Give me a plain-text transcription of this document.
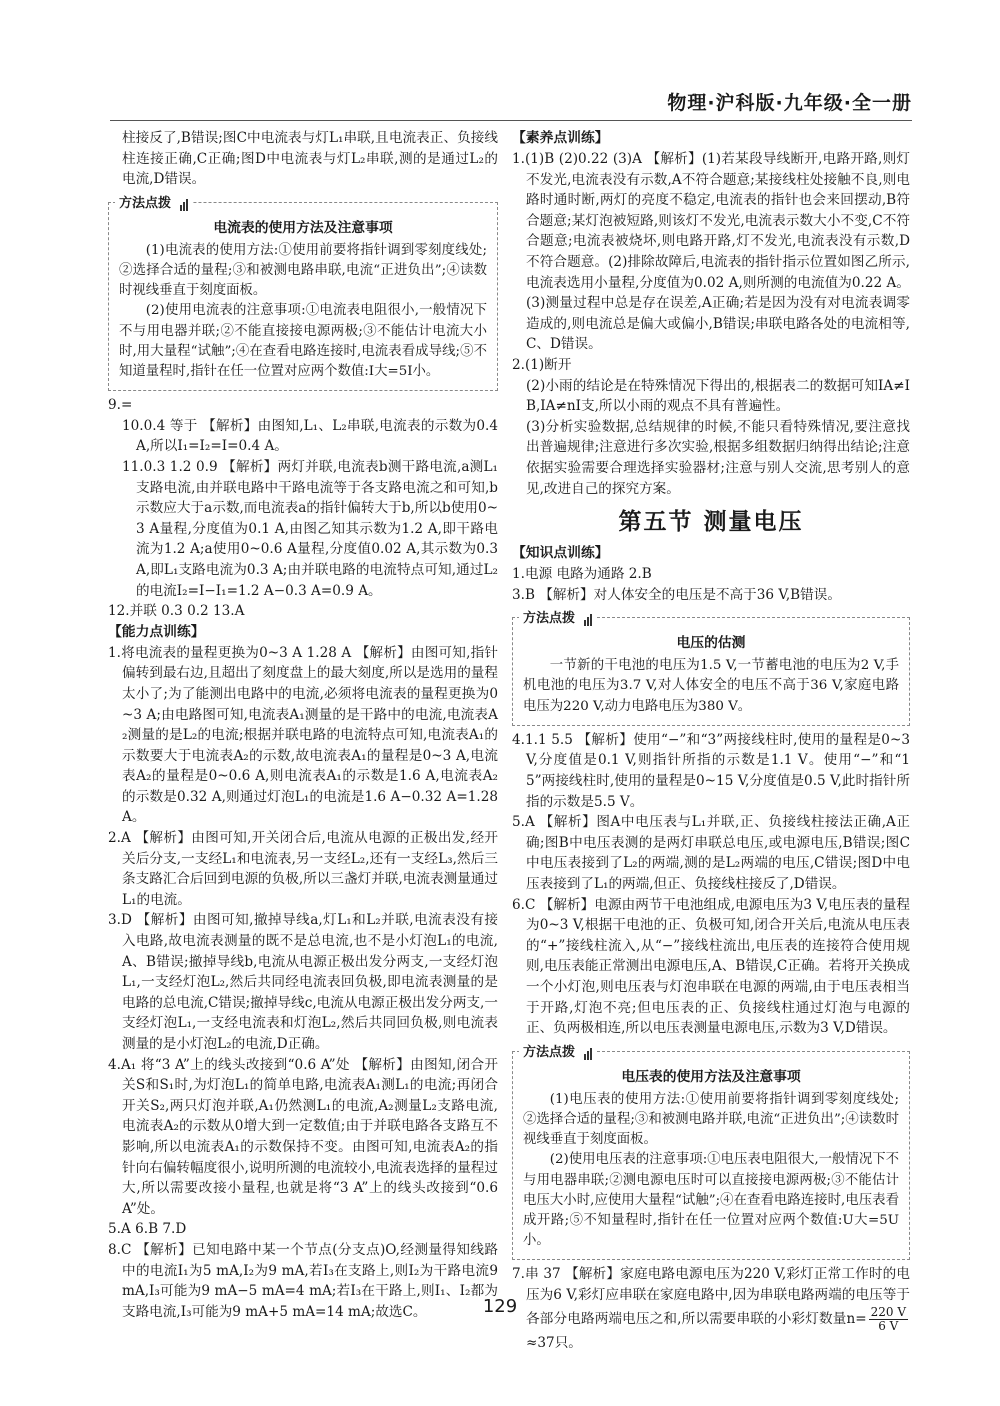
物理·沪科版·九年级·全一册

柱接反了,B错误;图C中电流表与灯L₁串联,且电流表正、负接线柱连接正确,C正确;图D中电流表与灯L₂串联,测的是通过L₂的电流,D错误。

方法点拨
电流表的使用方法及注意事项

(1)电流表的使用方法:①使用前要将指针调到零刻度线处;②选择合适的量程;③和被测电路串联,电流“正进负出”;④读数时视线垂直于刻度面板。

(2)使用电流表的注意事项:①电流表电阻很小,一般情况下不与用电器并联;②不能直接接电源两极;③不能估计电流大小时,用大量程“试触”;④在查看电路连接时,电流表看成导线;⑤不知道量程时,指针在任一位置对应两个数值:I大=5I小。

9.=

10.0.4 等于 【解析】由图知,L₁、L₂串联,电流表的示数为0.4 A,所以I₁=I₂=I=0.4 A。

11.0.3 1.2 0.9 【解析】两灯并联,电流表b测干路电流,a测L₁支路电流,由并联电路中干路电流等于各支路电流之和可知,b示数应大于a示数,而电流表a的指针偏转大于b,所以b使用0~3 A量程,分度值为0.1 A,由图乙知其示数为1.2 A,即干路电流为1.2 A;a使用0~0.6 A量程,分度值0.02 A,其示数为0.3 A,即L₁支路电流为0.3 A;由并联电路的电流特点可知,通过L₂的电流I₂=I−I₁=1.2 A−0.3 A=0.9 A。

12.并联 0.3 0.2 13.A

【能力点训练】

1.将电流表的量程更换为0~3 A 1.28 A 【解析】由图可知,指针偏转到最右边,且超出了刻度盘上的最大刻度,所以是选用的量程太小了;为了能测出电路中的电流,必须将电流表的量程更换为0~3 A;由电路图可知,电流表A₁测量的是干路中的电流,电流表A₂测量的是L₂的电流;根据并联电路的电流特点可知,电流表A₁的示数要大于电流表A₂的示数,故电流表A₁的量程是0~3 A,电流表A₂的量程是0~0.6 A,则电流表A₁的示数是1.6 A,电流表A₂的示数是0.32 A,则通过灯泡L₁的电流是1.6 A−0.32 A=1.28 A。

2.A 【解析】由图可知,开关闭合后,电流从电源的正极出发,经开关后分支,一支经L₁和电流表,另一支经L₂,还有一支经L₃,然后三条支路汇合后回到电源的负极,所以三盏灯并联,电流表测量通过L₁的电流。

3.D 【解析】由图可知,撤掉导线a,灯L₁和L₂并联,电流表没有接入电路,故电流表测量的既不是总电流,也不是小灯泡L₁的电流,A、B错误;撤掉导线b,电流从电源正极出发分两支,一支经灯泡L₁,一支经灯泡L₂,然后共同经电流表回负极,即电流表测量的是电路的总电流,C错误;撤掉导线c,电流从电源正极出发分两支,一支经灯泡L₁,一支经电流表和灯泡L₂,然后共同回负极,则电流表测量的是小灯泡L₂的电流,D正确。

4.A₁ 将“3 A”上的线头改接到“0.6 A”处 【解析】由图知,闭合开关S和S₁时,为灯泡L₁的简单电路,电流表A₁测L₁的电流;再闭合开关S₂,两只灯泡并联,A₁仍然测L₁的电流,A₂测量L₂支路电流,电流表A₂的示数从0增大到一定数值;由于并联电路各支路互不影响,所以电流表A₁的示数保持不变。由图可知,电流表A₂的指针向右偏转幅度很小,说明所测的电流较小,电流表选择的量程过大,所以需要改接小量程,也就是将“3 A”上的线头改接到“0.6 A”处。

5.A 6.B 7.D

8.C 【解析】已知电路中某一个节点(分支点)O,经测量得知线路中的电流I₁为5 mA,I₂为9 mA,若I₃在支路上,则I₂为干路电流9 mA,I₃可能为9 mA−5 mA=4 mA;若I₃在干路上,则I₁、I₂都为支路电流,I₃可能为9 mA+5 mA=14 mA;故选C。

【素养点训练】

1.(1)B (2)0.22 (3)A 【解析】(1)若某段导线断开,电路开路,则灯不发光,电流表没有示数,A不符合题意;某接线柱处接触不良,则电路时通时断,两灯的亮度不稳定,电流表的指针也会来回摆动,B符合题意;某灯泡被短路,则该灯不发光,电流表示数大小不变,C不符合题意;电流表被烧坏,则电路开路,灯不发光,电流表没有示数,D不符合题意。(2)排除故障后,电流表的指针指示位置如图乙所示,电流表选用小量程,分度值为0.02 A,则所测的电流值为0.22 A。(3)测量过程中总是存在误差,A正确;若是因为没有对电流表调零造成的,则电流总是偏大或偏小,B错误;串联电路各处的电流相等,C、D错误。

2.(1)断开

(2)小雨的结论是在特殊情况下得出的,根据表二的数据可知IA≠IB,IA≠nI支,所以小雨的观点不具有普遍性。

(3)分析实验数据,总结规律的时候,不能只看特殊情况,要注意找出普遍规律;注意进行多次实验,根据多组数据归纳得出结论;注意依据实验需要合理选择实验器材;注意与别人交流,思考别人的意见,改进自己的探究方案。

第五节 测量电压
【知识点训练】

1.电源 电路为通路 2.B

3.B 【解析】对人体安全的电压是不高于36 V,B错误。

方法点拨
电压的估测

一节新的干电池的电压为1.5 V,一节蓄电池的电压为2 V,手机电池的电压为3.7 V,对人体安全的电压不高于36 V,家庭电路电压为220 V,动力电路电压为380 V。

4.1.1 5.5 【解析】使用“−”和“3”两接线柱时,使用的量程是0~3 V,分度值是0.1 V,则指针所指的示数是1.1 V。使用“−”和“15”两接线柱时,使用的量程是0~15 V,分度值是0.5 V,此时指针所指的示数是5.5 V。

5.A 【解析】图A中电压表与L₁并联,正、负接线柱接法正确,A正确;图B中电压表测的是两灯串联总电压,或电源电压,B错误;图C中电压表接到了L₂的两端,测的是L₂两端的电压,C错误;图D中电压表接到了L₁的两端,但正、负接线柱接反了,D错误。

6.C 【解析】电源由两节干电池组成,电源电压为3 V,电压表的量程为0~3 V,根据干电池的正、负极可知,闭合开关后,电流从电压表的“+”接线柱流入,从“−”接线柱流出,电压表的连接符合使用规则,电压表能正常测出电源电压,A、B错误,C正确。若将开关换成一个小灯泡,则电压表与灯泡串联在电源的两端,由于电压表相当于开路,灯泡不亮;但电压表的正、负接线柱通过灯泡与电源的正、负两极相连,所以电压表测量电源电压,示数为3 V,D错误。

方法点拨
电压表的使用方法及注意事项

(1)电压表的使用方法:①使用前要将指针调到零刻度线处;②选择合适的量程;③和被测电路并联,电流“正进负出”;④读数时视线垂直于刻度面板。

(2)使用电压表的注意事项:①电压表电阻很大,一般情况下不与用电器串联;②测电源电压时可以直接接电源两极;③不能估计电压大小时,应使用大量程“试触”;④在查看电路连接时,电压表看成开路;⑤不知量程时,指针在任一位置对应两个数值:U大=5U小。

7.串 37 【解析】家庭电路电源电压为220 V,彩灯正常工作时的电压为6 V,彩灯应串联在家庭电路中,因为串联电路两端的电压等于各部分电路两端电压之和,所以需要串联的小彩灯数量$n= \frac{220 V}{6 V}$
≈37只。

129
